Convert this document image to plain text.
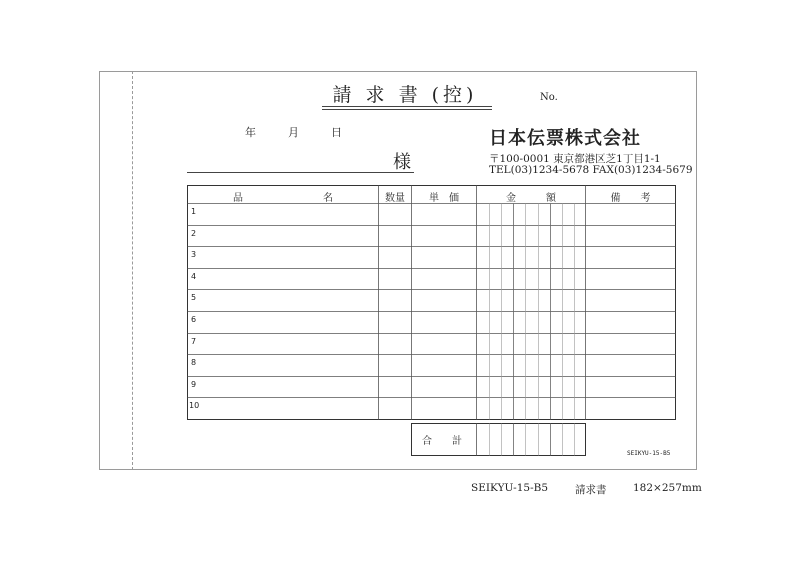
請 求 書 (控)	No.
年	月	日
様
日本伝票株式会社
〒100-0001 東京都港区芝1丁目1-1
TEL(03)1234-5678 FAX(03)1234-5679
品　　　　　　　　名	数量	単　価	金　　　額	備　　考
1
2
3
4
5
6
7
8
9
10
合　　計
SEIKYU-15-B5
SEIKYU-15-B5	請求書	182×257mm
